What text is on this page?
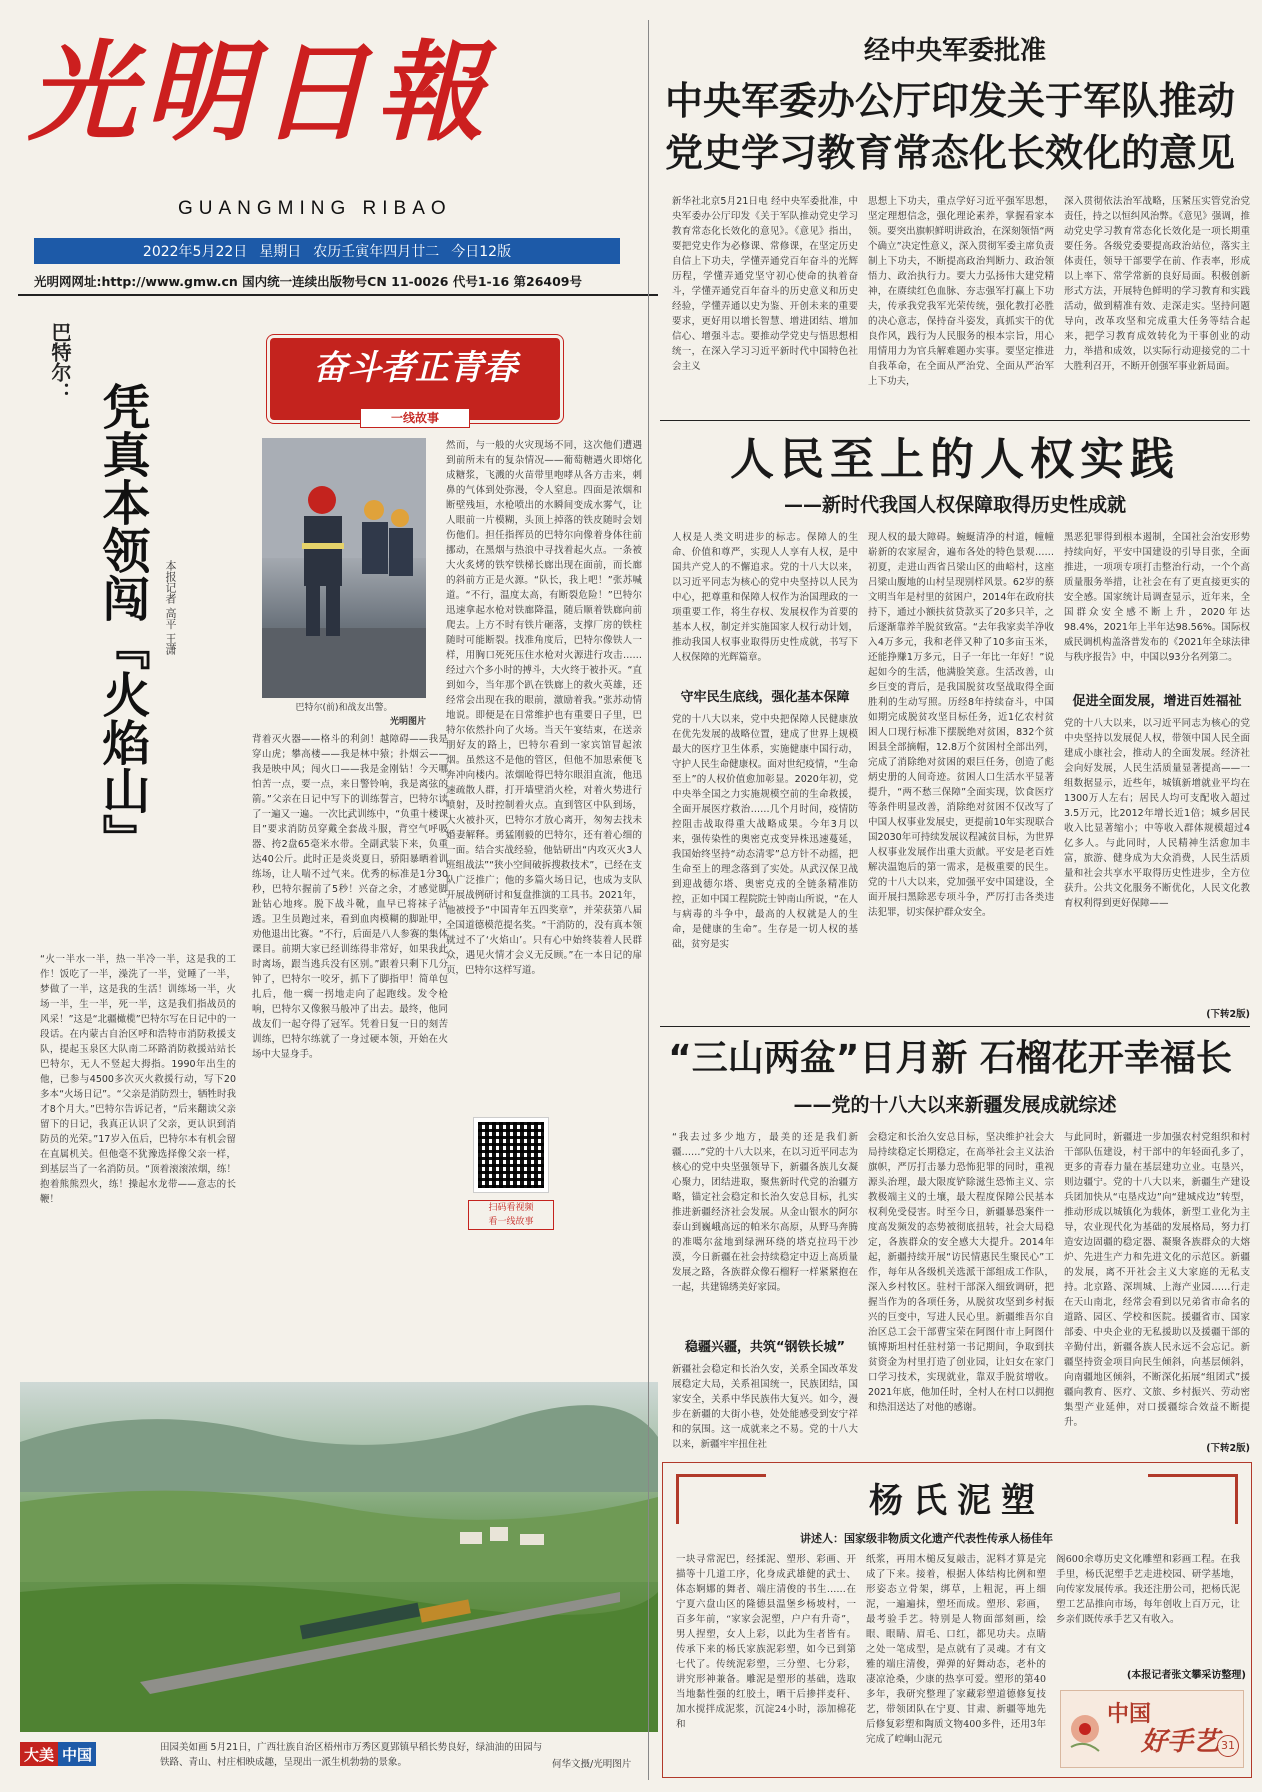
光明日報
GUANGMING RIBAO
2022年5月22日 星期日 农历壬寅年四月廿二 今日12版
光明网网址:http://www.gmw.cn 国内统一连续出版物号CN 11-0026 代号1-16 第26409号
经中央军委批准
中央军委办公厅印发关于军队推动
党史学习教育常态化长效化的意见
新华社北京5月21日电 经中央军委批准，中央军委办公厅印发《关于军队推动党史学习教育常态化长效化的意见》。《意见》指出，要把党史作为必修课、常修课，在坚定历史自信上下功夫，学懂弄通党百年奋斗的光辉历程，学懂弄通党坚守初心使命的执着奋斗，学懂弄通党百年奋斗的历史意义和历史经验，学懂弄通以史为鉴、开创未来的重要要求，更好用以增长智慧、增进团结、增加信心、增强斗志。要推动学党史与悟思想相统一，在深入学习习近平新时代中国特色社会主义
思想上下功夫，重点学好习近平强军思想，坚定理想信念，强化理论素养，掌握看家本领。要突出旗帜鲜明讲政治，在深刻领悟“两个确立”决定性意义，深入贯彻军委主席负责制上下功夫，不断提高政治判断力、政治领悟力、政治执行力。要大力弘扬伟大建党精神，在赓续红色血脉、夯志强军打赢上下功夫，传承我党我军光荣传统，强化教打必胜的决心意志，保持奋斗姿发，真抓实干的优良作风，践行为人民服务的根本宗旨，用心用情用力为官兵解难题办实事。要坚定推进自我革命，在全面从严治党、全面从严治军上下功夫，
深入贯彻依法治军战略，压紧压实管党治党责任，持之以恒纠风治弊。《意见》强调，推动党史学习教育常态化长效化是一项长期重要任务。各级党委要提高政治站位，落实主体责任，领导干部要学在前、作表率，形成以上率下、常学常新的良好局面。积极创新形式方法，开展特色鲜明的学习教育和实践活动，做到精准有效、走深走实。坚持问题导向，改革攻坚和完成重大任务等结合起来，把学习教育成效转化为干事创业的动力，举措和成效，以实际行动迎接党的二十大胜利召开，不断开创强军事业新局面。
巴特尔：
凭真本领闯『火焰山』 本报记者 高平 王潇
奋斗者正青春
一线故事
巴特尔(前)和战友出警。
光明图片
“火一半水一半，热一半冷一半，这是我的工作！饭吃了一半，澡洗了一半，觉睡了一半，梦做了一半，这是我的生活！训练场一半，火场一半，生一半，死一半，这是我们指战员的风采！”这是“北疆橄榄”巴特尔写在日记中的一段话。在内蒙古自治区呼和浩特市消防救援支队，提起玉泉区大队南二环路消防救援站站长巴特尔，无人不竖起大拇指。1990年出生的他，已参与4500多次灭火救援行动，写下20多本“火场日记”。“父亲是消防烈士，牺牲时我才8个月大。”巴特尔告诉记者，“后来翻读父亲留下的日记，我真正认识了父亲，更认识到消防员的光荣。”17岁入伍后，巴特尔本有机会留在直属机关。但他毫不犹豫选择像父亲一样，到基层当了一名消防员。“顶着滚滚浓烟，练！抱着熊熊烈火，练！操起水龙带——意志的长鞭！
背着灭火器——格斗的利剑！越障碍——我是穿山虎；攀高楼——我是林中猿；扑烟云——我是映中风；闯火口——我是金刚钻！今天哪怕苦一点，要一点，来日警铃响，我是离弦的箭。”父亲在日记中写下的训练誓言，巴特尔读了一遍又一遍。一次比武训练中，“负重十楼课目”要求消防员穿戴全套战斗服，背空气呼吸器、挎2盘65毫米水带。全副武装下来，负重达40公斤。此时正是炎炎夏日，骄阳暴晒着训练场，让人喘不过气来。优秀的标准是1分30秒，巴特尔握前了5秒！兴奋之余，才感觉脚趾钻心地疼。脱下战斗靴，血早已将袜子沾透。卫生员跑过来，看到血肉模糊的脚趾甲，劝他退出比赛。“不行，后面是八人参赛的集体课目。前期大家已经训练得非常好，如果我此时离场，跟当逃兵没有区别。”跟着只剩下几分钟了，巴特尔一咬牙，抓下了脚指甲！简单包扎后，他一瘸一拐地走向了起跑线。发令枪响，巴特尔又像猴马般冲了出去。最终，他同战友们一起夺得了冠军。凭着日复一日的刻苦训练，巴特尔练就了一身过硬本领，开始在火场中大显身手。
然而，与一般的火灾现场不同，这次他们遭遇到前所未有的复杂情况——葡萄糖遇火即熔化成糖浆，飞溅的火苗带里咆哮从各方击来，刺鼻的气体到处弥漫，令人窒息。四面是浓烟和断壁残垣，水枪喷出的水瞬间变成水雾气，让人眼前一片模糊，头顶上掉落的铁皮随时会划伤他们。担任指挥员的巴特尔向像着身体往前挪动，在黑烟与热浪中寻找着起火点。一条被大火炙烤的铁窄铁梯长廊出现在面前，而长廊的斜前方正是火源。“队长，我上吧！”张苏喊道。“不行，温度太高，有断裂危险！”巴特尔迅速拿起水枪对铁廊降温，随后顺着铁廊向前爬去。上方不时有铁片砸落，支撑厂房的铁柱随时可能断裂。找准角度后，巴特尔像铁人一样，用胸口死死压住水枪对火源进行攻击……经过六个多小时的搏斗，大火终于被扑灭。“直到如今，当年那个趴在铁廊上的救火英雄，还经常会出现在我的眼前，激励着我。”张苏动情地说。即便是在日常维护也有重要日子里，巴特尔依然扑向了火场。当天午宴结束，在送亲朋好友的路上，巴特尔看到一家宾馆冒起浓烟。虽然这不是他的管区，但他不加思索便飞奔冲向楼内。浓烟呛得巴特尔眼泪直流，他迅速疏散人群，打开墙壁消火栓，对着火势进行喷射，及时控制着火点。直到管区中队到场，大火被扑灭，巴特尔才放心离开，匆匆去找未婚妻解释。勇猛刚毅的巴特尔，还有着心细的一面。结合实战经验，他钻研出“内攻灭火3人班组战法”“狭小空间破拆搜救技术”，已经在支队广泛推广；他的多篇火场日记，也成为支队开展战例研讨和复盘推演的工具书。2021年，他被授予“中国青年五四奖章”，并荣获第八届全国道德模范提名奖。“干消防的，没有真本领就过不了‘火焰山’。只有心中始终装着人民群众，遇见火情才会义无反顾。”在一本日记的扉页，巴特尔这样写道。
扫码看视频
看一线故事
大美 中国	田园美如画 5月21日，广西壮族自治区梧州市万秀区夏郢镇早稻长势良好，绿油油的田园与铁路、青山、村庄相映成趣，呈现出一派生机勃勃的景象。	何华文摄/光明图片
人民至上的人权实践
——新时代我国人权保障取得历史性成就
人权是人类文明进步的标志。保障人的生命、价值和尊严，实现人人享有人权，是中国共产党人的不懈追求。党的十八大以来，以习近平同志为核心的党中央坚持以人民为中心，把尊重和保障人权作为治国理政的一项重要工作，将生存权、发展权作为首要的基本人权，制定并实施国家人权行动计划，推动我国人权事业取得历史性成就，书写下人权保障的光辉篇章。
守牢民生底线，强化基本保障
党的十八大以来，党中央把保障人民健康放在优先发展的战略位置，建成了世界上规模最大的医疗卫生体系，实施健康中国行动，守护人民生命健康权。面对世纪疫情，“生命至上”的人权价值愈加彰显。2020年初，党中央举全国之力实施规模空前的生命救援，全面开展医疗救治……几个月时间，疫情防控阻击战取得重大战略成果。今年3月以来，强传染性的奥密克戎变异株迅速蔓延，我国始终坚持“动态清零”总方针不动摇，把生命至上的理念落到了实处。从武汉保卫战到迎战德尔塔、奥密克戎的全链条精准防控，正如中国工程院院士钟南山所说，“在人与病毒的斗争中，最高的人权就是人的生命，是健康的生命”。生存是一切人权的基础，贫穷是实
现人权的最大障碍。蜿蜒清净的村道，幢幢崭新的农家屋舍，遍布各处的特色景观……初夏，走进山西省吕梁山区的曲峪村，这座吕梁山腹地的山村呈现别样风景。62岁的蔡文明当年是村里的贫困户，2014年在政府扶持下，通过小额扶贫贷款买了20多只羊，之后逐渐靠养羊脱贫致富。“去年我家卖羊净收入4万多元，我和老伴又种了10多亩玉米，还能挣赚1万多元，日子一年比一年好！”说起如今的生活，他满脸笑意。生活改善，山乡巨变的背后，是我国脱贫攻坚战取得全面胜利的生动写照。历经8年持续奋斗，中国如期完成脱贫攻坚目标任务，近1亿农村贫困人口现行标准下摆脱绝对贫困，832个贫困县全部摘帽，12.8万个贫困村全部出列，完成了消除绝对贫困的艰巨任务，创造了彪炳史册的人间奇迹。贫困人口生活水平显著提升，“两不愁三保障”全面实现，饮食医疗等条件明显改善，消除绝对贫困不仅改写了中国人权事业发展史，更提前10年实现联合国2030年可持续发展议程减贫目标，为世界人权事业发展作出重大贡献。平安是老百姓解决温饱后的第一需求，是极重要的民生。党的十八大以来，党加强平安中国建设，全面开展扫黑除恶专项斗争，严厉打击各类违法犯罪，切实保护群众安全。
黑恶犯罪得到根本遏制，全国社会治安形势持续向好，平安中国建设的引导目张，全面推进，一项项专项打击整治行动，一个个高质量服务举措，让社会在有了更直接更实的安全感。国家统计局调查显示，近年来，全国群众安全感不断上升，2020年达98.4%，2021年上半年达98.56%。国际权威民调机构盖洛普发布的《2021年全球法律与秩序报告》中，中国以93分名列第二。
促进全面发展，增进百姓福祉
党的十八大以来，以习近平同志为核心的党中央坚持以发展促人权，带领中国人民全面建成小康社会，推动人的全面发展。经济社会向好发展，人民生活质量显著提高——一组数据显示，近些年，城镇新增就业平均在1300万人左右；居民人均可支配收入超过3.5万元，比2012年增长近1倍；城乡居民收入比显著缩小；中等收入群体规模超过4亿多人。与此同时，人民精神生活愈加丰富，旅游、健身成为大众消费，人民生活质量和社会共享水平取得历史性进步，全方位获升。公共文化服务不断优化，人民文化教育权利得到更好保障——
(下转2版)
“三山两盆”日月新 石榴花开幸福长
——党的十八大以来新疆发展成就综述
“我去过多少地方，最美的还是我们新疆……”党的十八大以来，在以习近平同志为核心的党中央坚强领导下，新疆各族儿女凝心聚力，团结进取，聚焦新时代党的治疆方略，锚定社会稳定和长治久安总目标，扎实推进新疆经济社会发展。从金山银水的阿尔泰山到巍峨高远的帕米尔高原，从野马奔腾的准噶尔盆地到绿洲环绕的塔克拉玛干沙漠，今日新疆在社会持续稳定中迈上高质量发展之路，各族群众像石榴籽一样紧紧抱在一起，共建锦绣美好家园。
稳疆兴疆，共筑“钢铁长城”
新疆社会稳定和长治久安，关系全国改革发展稳定大局，关系祖国统一，民族团结，国家安全，关系中华民族伟大复兴。如今，漫步在新疆的大街小巷，处处能感受到安宁祥和的氛围。这一成就来之不易。党的十八大以来，新疆牢牢扭住社
会稳定和长治久安总目标，坚决维护社会大局持续稳定长期稳定，在高举社会主义法治旗帜，严厉打击暴力恐怖犯罪的同时，重视源头治理，最大限度铲除滋生恐怖主义、宗教极端主义的土壤，最大程度保障公民基本权利免受侵害。时至今日，新疆暴恐案件一度高发频发的态势被彻底扭转，社会大局稳定，各族群众的安全感大大提升。2014年起，新疆持续开展“访民情惠民生聚民心”工作，每年从各级机关选派干部组成工作队，深入乡村牧区。驻村干部深入细致调研，把握当作为的各项任务，从脱贫攻坚到乡村振兴的巨变中，写进人民心里。新疆维吾尔自治区总工会干部曹宝荣在阿图什市上阿图什镇博斯坦村任驻村第一书记期间，争取到扶贫资金为村里打造了创业园，让妇女在家门口学习技术，实现就业，靠双手脱贫增收。2021年底，他加任时，全村人在村口以拥抱和热泪送达了对他的感谢。
与此同时，新疆进一步加强农村党组织和村干部队伍建设，村干部中的年轻面孔多了，更多的青春力量在基层建功立业。屯垦兴，则边疆宁。党的十八大以来，新疆生产建设兵团加快从“屯垦戍边”向“建城戍边”转型，推动形成以城镇化为载体，新型工业化为主导，农业现代化为基础的发展格局，努力打造安边固疆的稳定器、凝聚各族群众的大熔炉、先进生产力和先进文化的示范区。新疆的发展，离不开社会主义大家庭的无私支持。北京路、深圳城、上海产业园……行走在天山南北，经常会看到以兄弟省市命名的道路、园区、学校和医院。援疆省市、国家部委、中央企业的无私援助以及援疆干部的辛勤付出，新疆各族人民永远不会忘记。新疆坚持资金项目向民生倾斜，向基层倾斜，向南疆地区倾斜，不断深化拓展“组团式”援疆向教育、医疗、文旅、乡村振兴、劳动密集型产业延伸，对口援疆综合效益不断提升。
(下转2版)
杨氏泥塑
讲述人：国家级非物质文化遗产代表性传承人杨佳年
一块寻常泥巴，经揉泥、塑形、彩画、开描等十几道工序，化身成武雄健的武士、体态婀娜的舞者、端庄清俊的书生……在宁夏六盘山区的隆德县温堡乡杨坡村，一百多年前，“家家会泥塑，户户有升奇”，男人捏塑，女人上彩，以此为生者皆有。传承下来的杨氏家族泥彩塑，如今已到第七代了。传统泥彩塑，三分塑、七分彩，讲究形神兼备。雕泥是塑形的基础，选取当地黏性强的红胶土，晒干后掺拌麦秆、加水搅拌成泥浆，沉淀24小时，添加棉花和
纸浆，再用木槌反复敲击，泥料才算是完成了下来。接着，根据人体结构比例和塑形姿态立骨架，绑草，上粗泥，再上细泥，一遍遍抹，塑坯而成。塑形、彩画，最考验手艺。特别是人物面部刻画，绘眼、眼睛、眉毛、口红，都见功夫。点睛之处一笔成型，是点就有了灵魂。才有文雅的端庄清俊，弹弹的好舞动态，老朴的凄凉沧桑，少康的热享可爱。塑形的第40多年，我研究整理了家藏彩塑道德修复技艺，带领团队在宁夏、甘肃、新疆等地先后修复彩塑和陶质文物400多件，还用3年完成了崆峒山泥元
阁600余尊历史文化雕塑和彩画工程。在我手里，杨氏泥塑手艺走进校园、研学基地，向传家发展传承。我还注册公司，把杨氏泥塑工艺品推向市场，每年创收上百万元，让乡亲们既传承手艺又有收入。
(本报记者张文攀采访整理)
中国
好手艺 31
